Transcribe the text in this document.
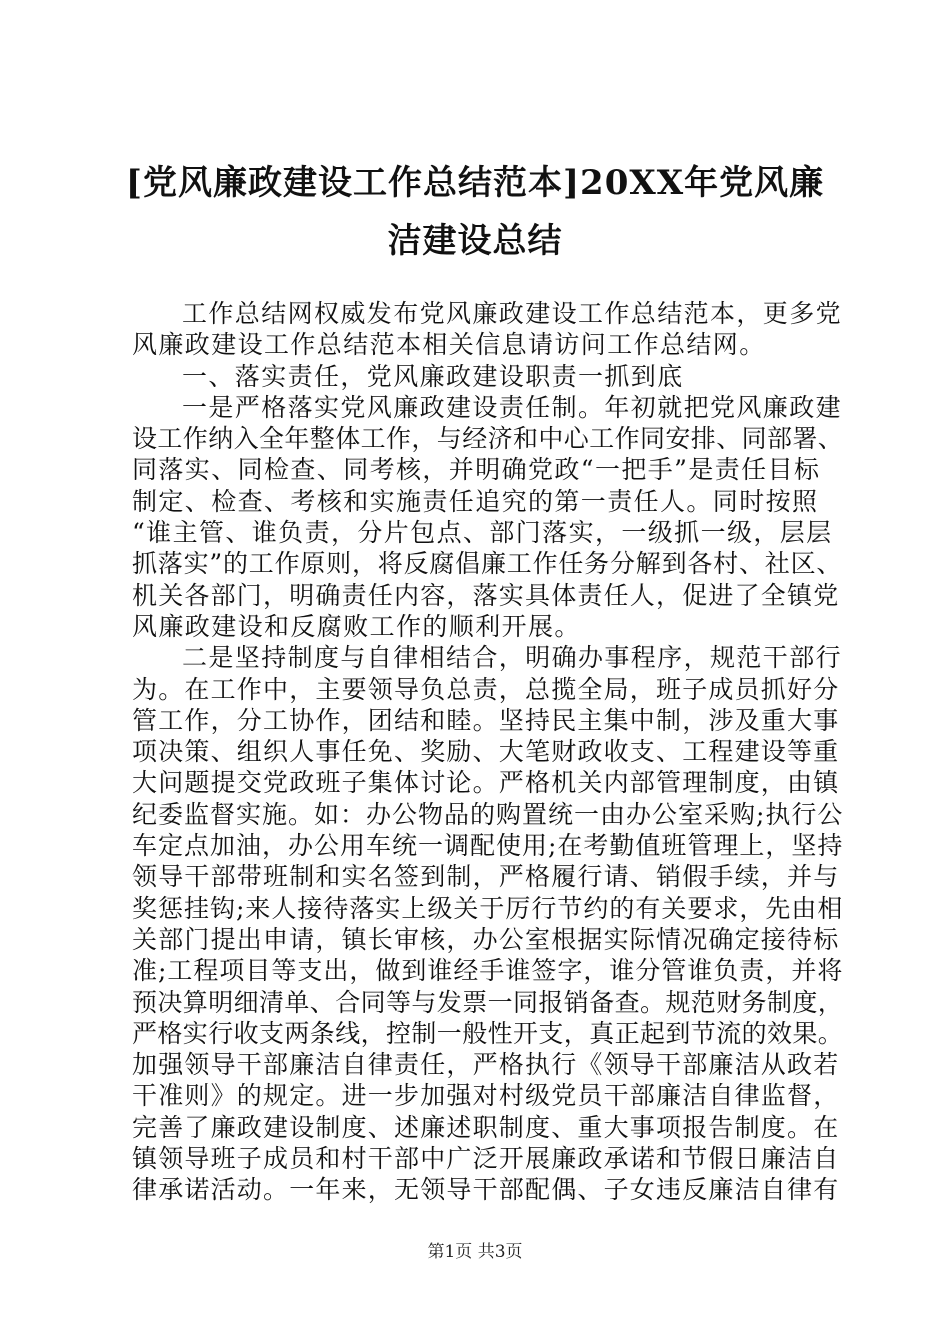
[党风廉政建设工作总结范本]20XX年党风廉
洁建设总结
工作总结网权威发布党风廉政建设工作总结范本，更多党
风廉政建设工作总结范本相关信息请访问工作总结网。
一、落实责任，党风廉政建设职责一抓到底
一是严格落实党风廉政建设责任制。年初就把党风廉政建
设工作纳入全年整体工作，与经济和中心工作同安排、同部署、
同落实、同检查、同考核，并明确党政“一把手”是责任目标
制定、检查、考核和实施责任追究的第一责任人。同时按照
“谁主管、谁负责，分片包点、部门落实，一级抓一级，层层
抓落实”的工作原则，将反腐倡廉工作任务分解到各村、社区、
机关各部门，明确责任内容，落实具体责任人，促进了全镇党
风廉政建设和反腐败工作的顺利开展。
二是坚持制度与自律相结合，明确办事程序，规范干部行
为。在工作中，主要领导负总责，总揽全局，班子成员抓好分
管工作，分工协作，团结和睦。坚持民主集中制，涉及重大事
项决策、组织人事任免、奖励、大笔财政收支、工程建设等重
大问题提交党政班子集体讨论。严格机关内部管理制度，由镇
纪委监督实施。如：办公物品的购置统一由办公室采购;执行公
车定点加油，办公用车统一调配使用;在考勤值班管理上，坚持
领导干部带班制和实名签到制，严格履行请、销假手续，并与
奖惩挂钩;来人接待落实上级关于厉行节约的有关要求，先由相
关部门提出申请，镇长审核，办公室根据实际情况确定接待标
准;工程项目等支出，做到谁经手谁签字，谁分管谁负责，并将
预决算明细清单、合同等与发票一同报销备查。规范财务制度，
严格实行收支两条线，控制一般性开支，真正起到节流的效果。
加强领导干部廉洁自律责任，严格执行《领导干部廉洁从政若
干准则》的规定。进一步加强对村级党员干部廉洁自律监督，
完善了廉政建设制度、述廉述职制度、重大事项报告制度。在
镇领导班子成员和村干部中广泛开展廉政承诺和节假日廉洁自
律承诺活动。一年来，无领导干部配偶、子女违反廉洁自律有
第1页 共3页
